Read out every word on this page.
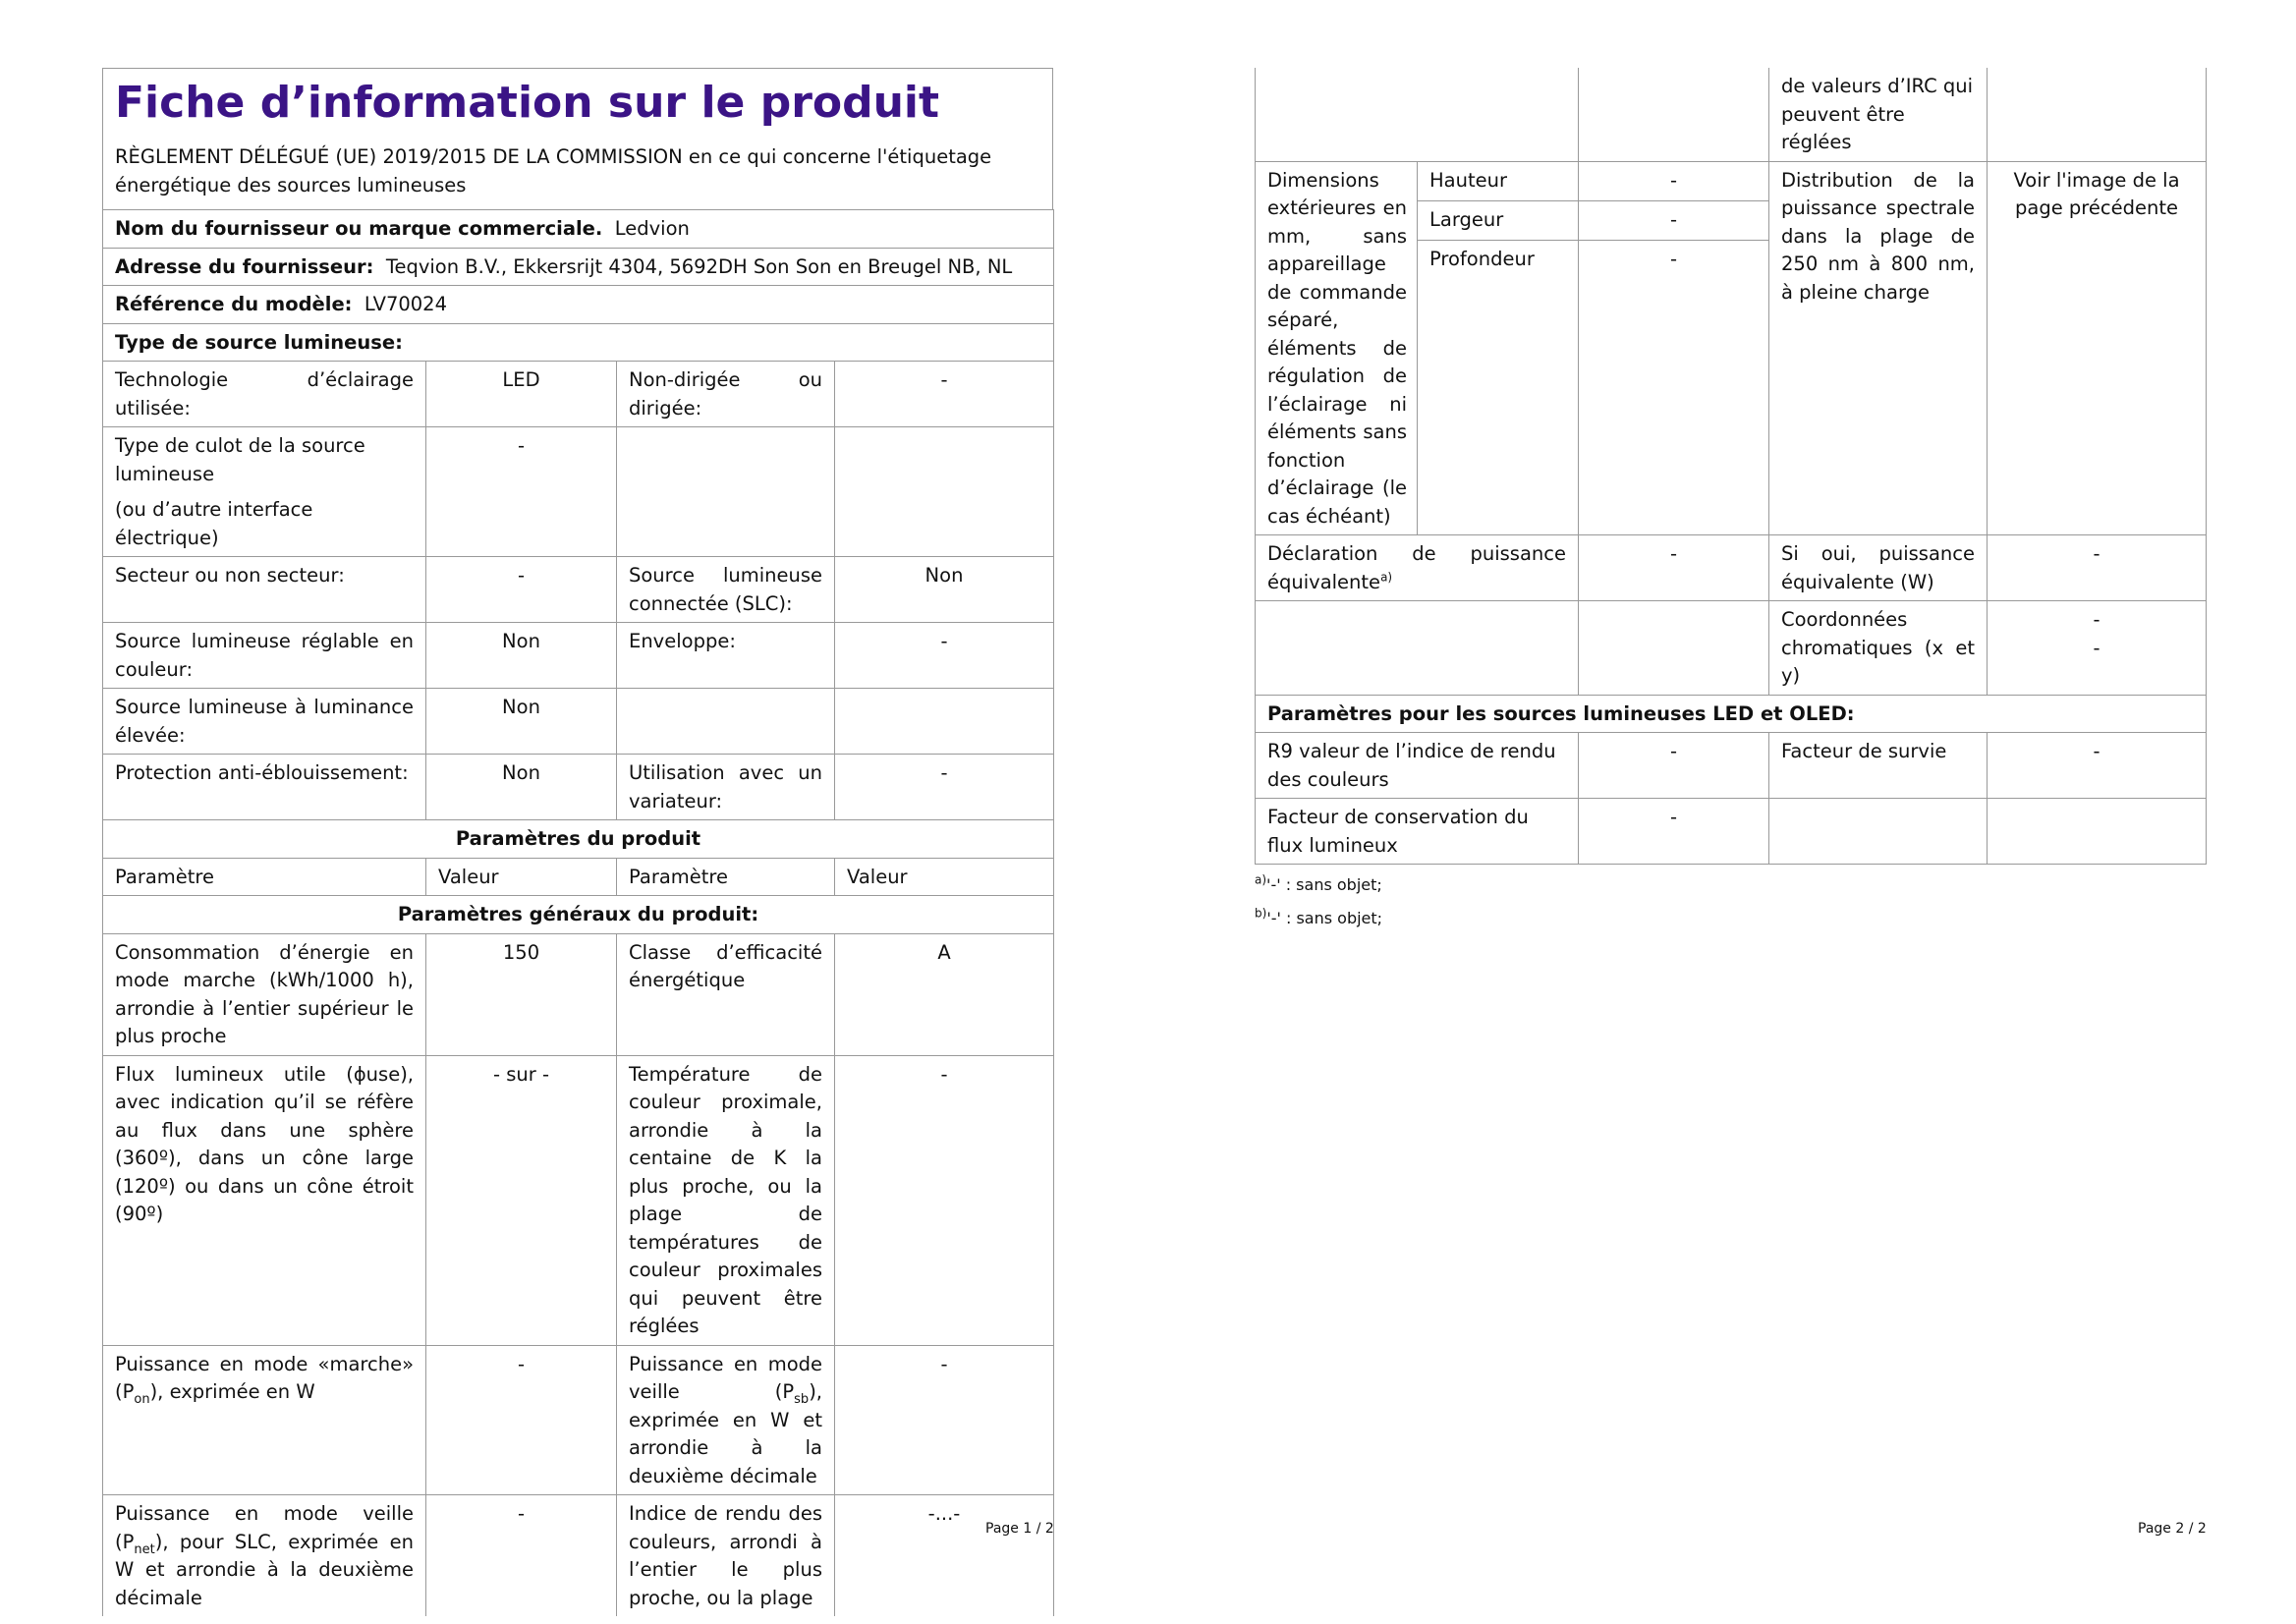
Fiche d’information sur le produit
RÈGLEMENT DÉLÉGUÉ (UE) 2019/2015 DE LA COMMISSION en ce qui concerne l'étiquetage énergétique des sources lumineuses
Nom du fournisseur ou marque commerciale. Ledvion			
Adresse du fournisseur: Teqvion B.V., Ekkersrijt 4304, 5692DH Son Son en Breugel NB, NL			
Référence du modèle: LV70024			
Type de source lumineuse:			
Technologie d’éclairage utilisée:	LED	Non-dirigée ou dirigée:	-

Type de culot de la source lumineuse
(ou d’autre interface électrique)	-		
Secteur ou non secteur:	-	Source lumineuse connectée (SLC):	Non
Source lumineuse réglable en couleur:	Non	Enveloppe:	-
Source lumineuse à luminance élevée:	Non		
Protection anti-éblouissement:	Non	Utilisation avec un variateur:	-
Paramètres du produit			
Paramètre	Valeur	Paramètre	Valeur
Paramètres généraux du produit:			
Consommation d’énergie en mode marche (kWh/1000 h), arrondie à l’entier supérieur le plus proche	150	Classe d’efficacité énergétique	A
Flux lumineux utile (ɸuse), avec indication qu’il se réfère au flux dans une sphère (360º), dans un cône large (120º) ou dans un cône étroit (90º)	- sur -	Température de couleur proximale, arrondie à la centaine de K la plus proche, ou la plage de températures de couleur proximales qui peuvent être réglées	-
Puissance en mode «marche» $(P_{on})$, exprimée en W	-	Puissance en mode veille $(P_{sb})$, exprimée en W et arrondie à la deuxième décimale	-
Puissance en mode veille $(P_{net})$, pour SLC, exprimée en W et arrondie à la deuxième décimale	-	Indice de rendu des couleurs, arrondi à l’entier le plus proche, ou la plage	-...-
Page 1 / 2
			de valeurs d’IRC qui peuvent être réglées	
Dimensions extérieures en mm, sans appareillage de commande séparé, éléments de régulation de l’éclairage ni éléments sans fonction d’éclairage (le cas échéant)	Hauteur	-	Distribution de la puissance spectrale dans la plage de 250 nm à 800 nm, à pleine charge	Voir l'image de la page précédente
	Largeur	-		
	Profondeur	-		
Déclaration de puissance équivalente$^{a)}$		-	Si oui, puissance équivalente (W)	-
			Coordonnées chromatiques (x et y)	-
-

Paramètres pour les sources lumineuses LED et OLED:				
R9 valeur de l’indice de rendu des couleurs		-	Facteur de survie	-
Facteur de conservation du flux lumineux		-		
$^{a)}$'-' : sans objet;
$^{b)}$'-' : sans objet;
Page 2 / 2
